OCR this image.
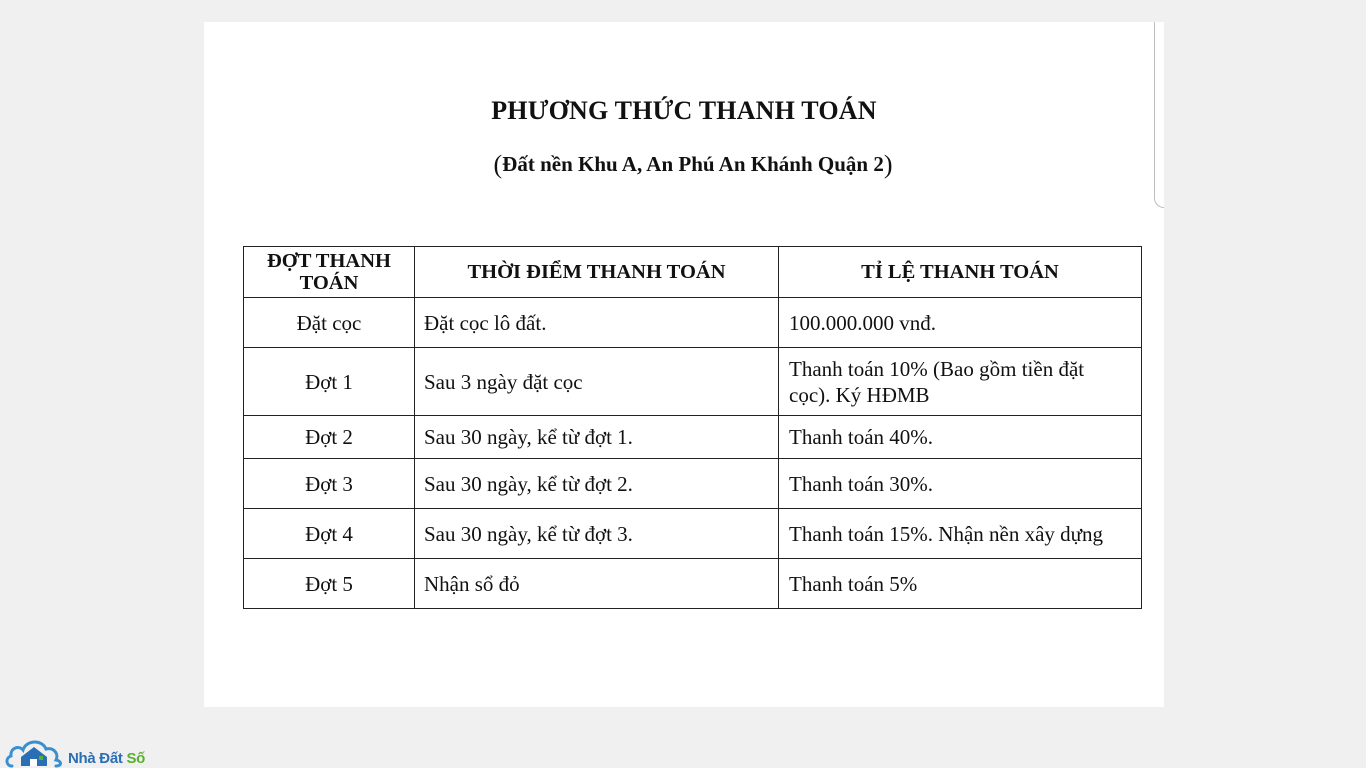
PHƯƠNG THỨC THANH TOÁN
(Đất nền Khu A, An Phú An Khánh Quận 2)
ĐỢT THANH TOÁN	THỜI ĐIỂM THANH TOÁN	TỈ LỆ THANH TOÁN
Đặt cọc	Đặt cọc lô đất.	100.000.000 vnđ.
Đợt 1	Sau 3 ngày đặt cọc	Thanh toán 10% (Bao gồm tiền đặt cọc). Ký HĐMB
Đợt 2	Sau 30 ngày, kể từ đợt 1.	Thanh toán 40%.
Đợt 3	Sau 30 ngày, kể từ đợt 2.	Thanh toán 30%.
Đợt 4	Sau 30 ngày, kể từ đợt 3.	Thanh toán 15%. Nhận nền xây dựng
Đợt 5	Nhận sổ đỏ	Thanh toán 5%
Nhà Đất Số
